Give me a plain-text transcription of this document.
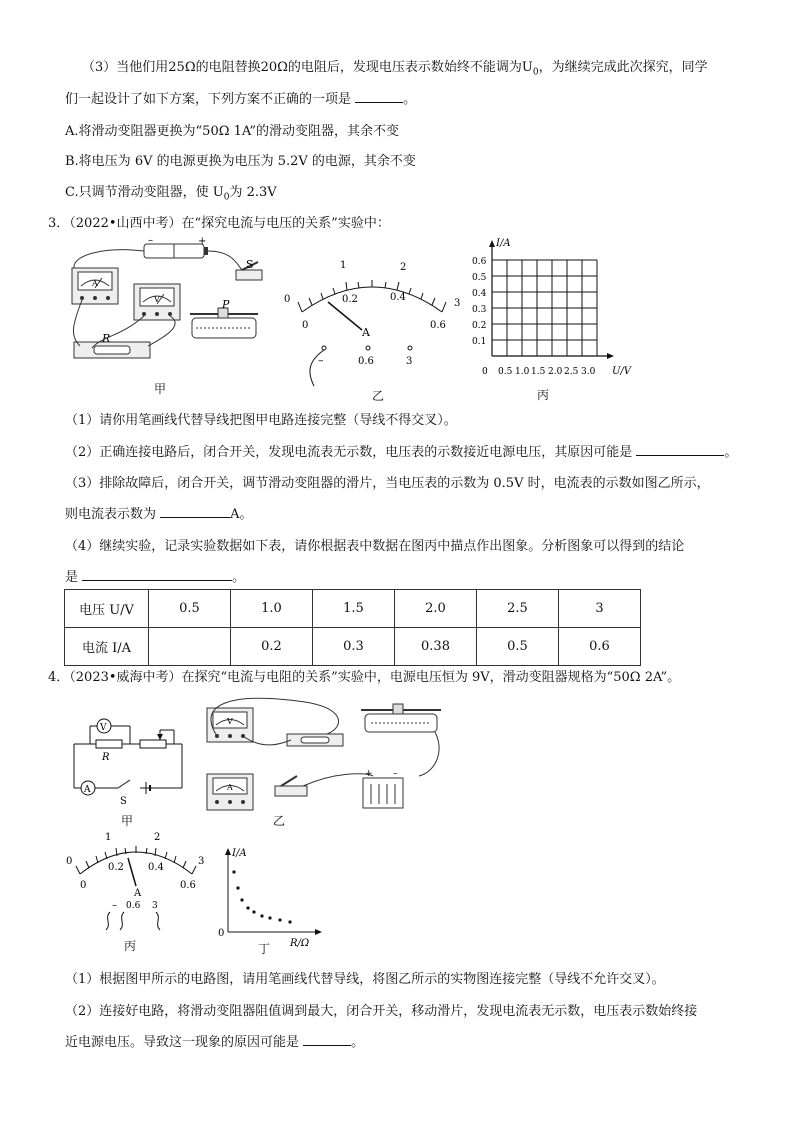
（3）当他们用25Ω的电阻替换20Ω的电阻后，发现电压表示数始终不能调为$U_0$，为继续完成此次探究，同学
们一起设计了如下方案，下列方案不正确的一项是	。
A.将滑动变阻器更换为“50Ω 1A”的滑动变阻器，其余不变
B.将电压为 6V 的电源更换为电压为 5.2V 的电源，其余不变
C.只调节滑动变阻器，使 $U_0$为 2.3V
3．（2022•山西中考）在“探究电流与电压的关系”实验中：
–	+
S
A
V	P
R
甲
0
1	2
3
0
0.2	0.4
0.6
A
–	0.6	3
乙
I/A
U/V
0.6
0.5
0.4
0.3
0.2
0.1
0 0.5 1.0 1.5 2.0 2.5 3.0
丙
（1）请你用笔画线代替导线把图甲电路连接完整（导线不得交叉）。
（2）正确连接电路后，闭合开关，发现电流表无示数，电压表的示数接近电源电压，其原因可能是	。
（3）排除故障后，闭合开关，调节滑动变阻器的滑片，当电压表的示数为 0.5V 时，电流表的示数如图乙所示，
则电流表示数为	A。
（4）继续实验，记录实验数据如下表，请你根据表中数据在图丙中描点作出图象。分析图象可以得到的结论
是	。
电压 U/V	0.5	1.0	1.5	2.0	2.5	3
电流 I/A		0.2	0.3	0.38	0.5	0.6
4．（2023•威海中考）在探究“电流与电阻的关系”实验中，电源电压恒为 9V，滑动变阻器规格为“50Ω 2A”。
V
R
A
S
甲
V
A
+ –
乙
0
1	2
3
0
0.2 0.4
0.6
A
– 0.6 3
丙
I/A
0
R/Ω
丁
（1）根据图甲所示的电路图，请用笔画线代替导线，将图乙所示的实物图连接完整（导线不允许交叉）。
（2）连接好电路，将滑动变阻器阻值调到最大，闭合开关，移动滑片，发现电流表无示数，电压表示数始终接
近电源电压。导致这一现象的原因可能是	。
